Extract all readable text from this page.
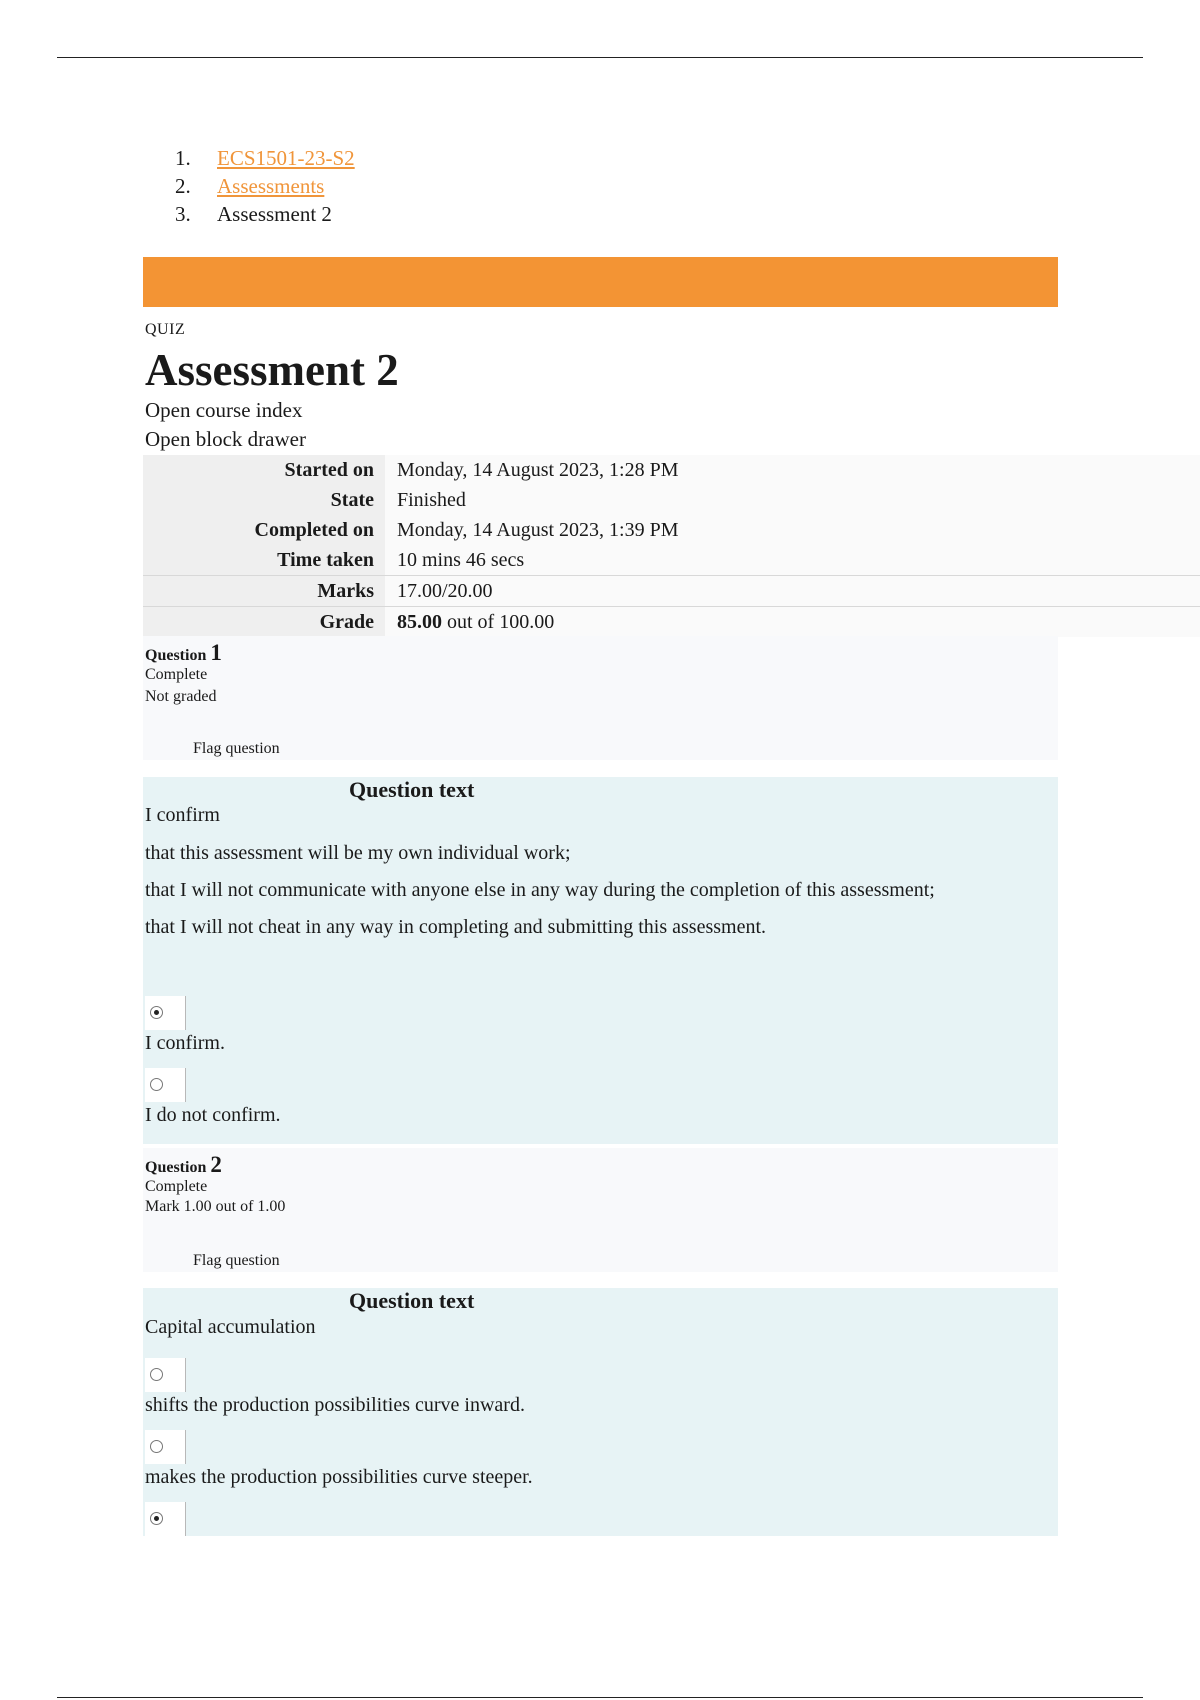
1.	ECS1501-23-S2
2.	Assessments
3.	Assessment 2
QUIZ
Assessment 2
Open course index
Open block drawer
Started on	Monday, 14 August 2023, 1:28 PM
State	Finished
Completed on	Monday, 14 August 2023, 1:39 PM
Time taken	10 mins 46 secs
Marks	17.00/20.00
Grade	85.00 out of 100.00
Question 1
Complete
Not graded
Flag question
Question text
I confirm
that this assessment will be my own individual work;
that I will not communicate with anyone else in any way during the completion of this assessment;
that I will not cheat in any way in completing and submitting this assessment.
I confirm.
I do not confirm.
Question 2
Complete
Mark 1.00 out of 1.00
Flag question
Question text
Capital accumulation
shifts the production possibilities curve inward.
makes the production possibilities curve steeper.
